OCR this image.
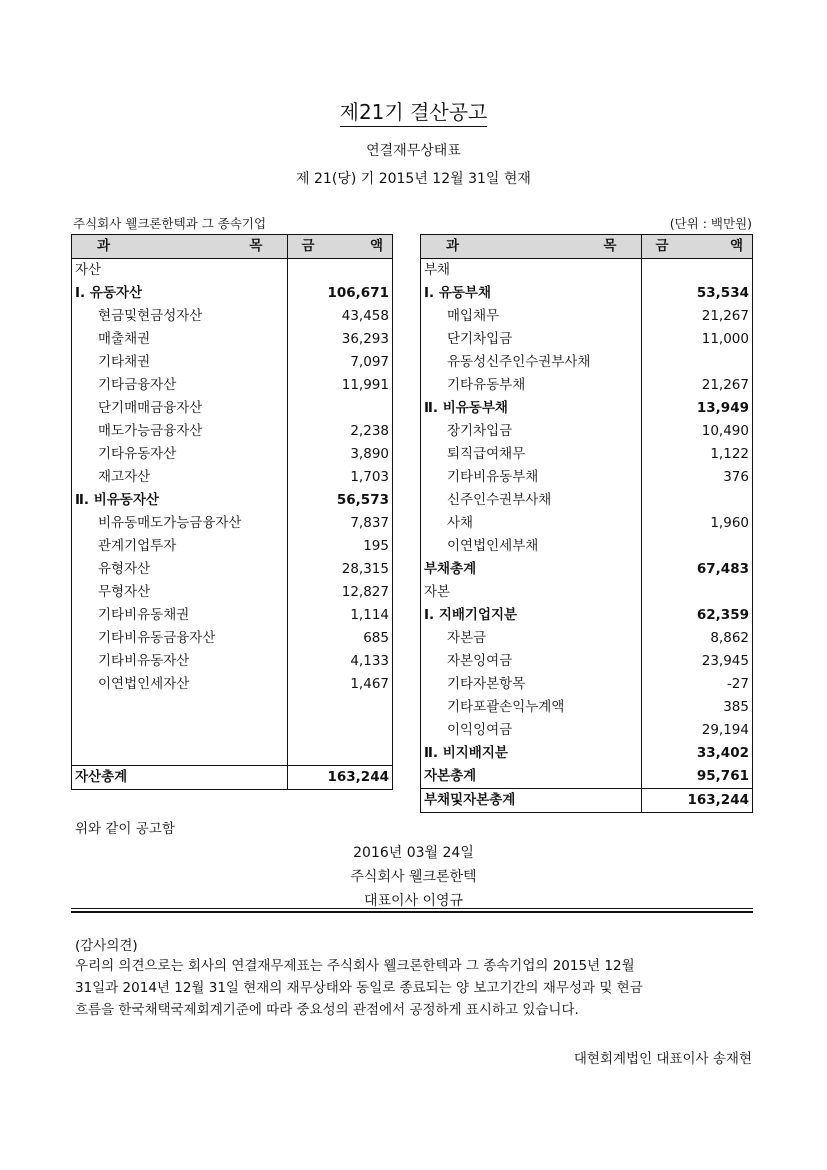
제21기 결산공고
연결재무상태표
제 21(당) 기 2015년 12월 31일 현재
주식회사 웰크론한텍과 그 종속기업	(단위 : 백만원)
과 목	금 액

자산	
Ⅰ. 유동자산	106,671
현금및현금성자산	43,458
매출채권	36,293
기타채권	7,097
기타금융자산	11,991
단기매매금융자산	
매도가능금융자산	2,238
기타유동자산	3,890
재고자산	1,703
Ⅱ. 비유동자산	56,573
비유동매도가능금융자산	7,837
관계기업투자	195
유형자산	28,315
무형자산	12,827
기타비유동채권	1,114
기타비유동금융자산	685
기타비유동자산	4,133
이연법인세자산	1,467

자산총계	163,244
과 목	금 액

부채	
Ⅰ. 유동부채	53,534
매입채무	21,267
단기차입금	11,000
유동성신주인수권부사채	
기타유동부채	21,267
Ⅱ. 비유동부채	13,949
장기차입금	10,490
퇴직급여채무	1,122
기타비유동부채	376
신주인수권부사채	
사채	1,960
이연법인세부채	
부채총계	67,483
자본	
Ⅰ. 지배기업지분	62,359
자본금	8,862
자본잉여금	23,945
기타자본항목	-27
기타포괄손익누계액	385
이익잉여금	29,194
Ⅱ. 비지배지분	33,402
자본총계	95,761
부채및자본총계	163,244
위와 같이 공고함
2016년 03월 24일
주식회사 웰크론한텍
대표이사 이영규
(감사의견)
우리의 의견으로는 회사의 연결재무제표는 주식회사 웰크론한텍과 그 종속기업의 2015년 12월
31일과 2014년 12월 31일 현재의 재무상태와 동일로 종료되는 양 보고기간의 재무성과 및 현금
흐름을 한국채택국제회계기준에 따라 중요성의 관점에서 공정하게 표시하고 있습니다.
대현회계법인 대표이사 송재현
